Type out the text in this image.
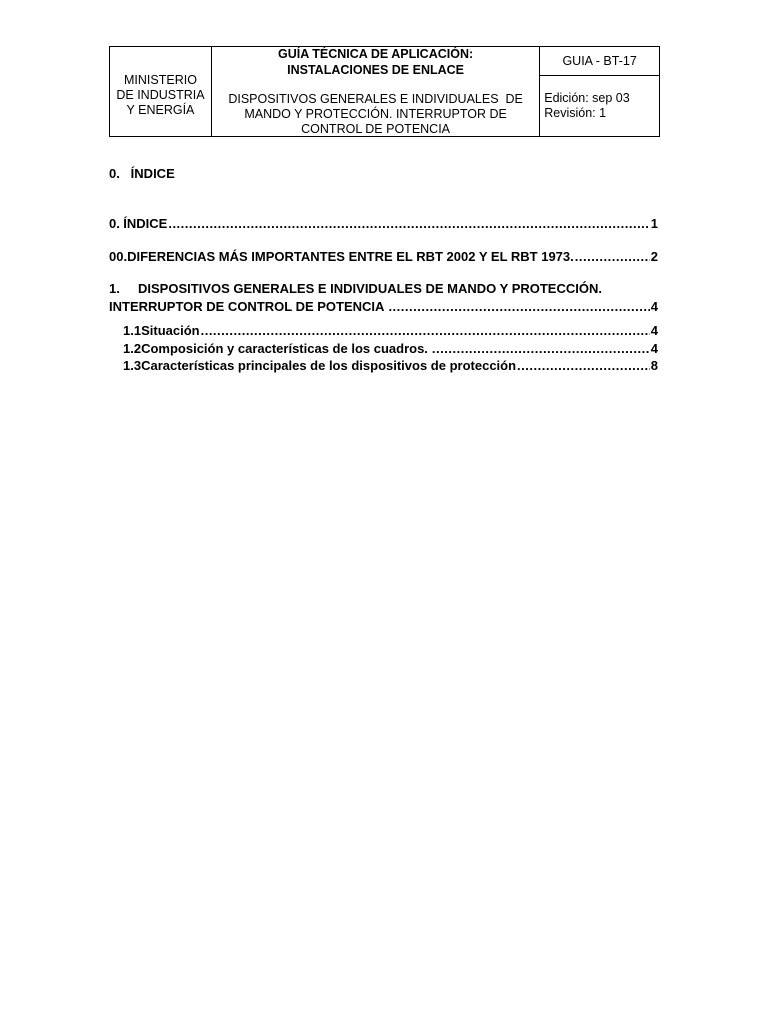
MINISTERIO
DE INDUSTRIA
Y ENERGÍA

GUÍA TÉCNICA DE APLICACIÓN:
INSTALACIONES DE ENLACE
DISPOSITIVOS GENERALES E INDIVIDUALES  DE
MANDO Y PROTECCIÓN. INTERRUPTOR DE
CONTROL DE POTENCIA

GUIA - BT-17
Edición: sep 03
Revisión: 1
0.   ÍNDICE
0. ÍNDICE .....	1
00. DIFERENCIAS MÁS IMPORTANTES ENTRE EL RBT 2002 Y EL RBT 1973. .....	2
1.	DISPOSITIVOS GENERALES E INDIVIDUALES DE MANDO Y PROTECCIÓN.
INTERRUPTOR DE CONTROL DE POTENCIA .....	4
1.1 Situación .....	4
1.2 Composición y características de los cuadros. .....	4
1.3 Características principales de los dispositivos de protección .....	8
